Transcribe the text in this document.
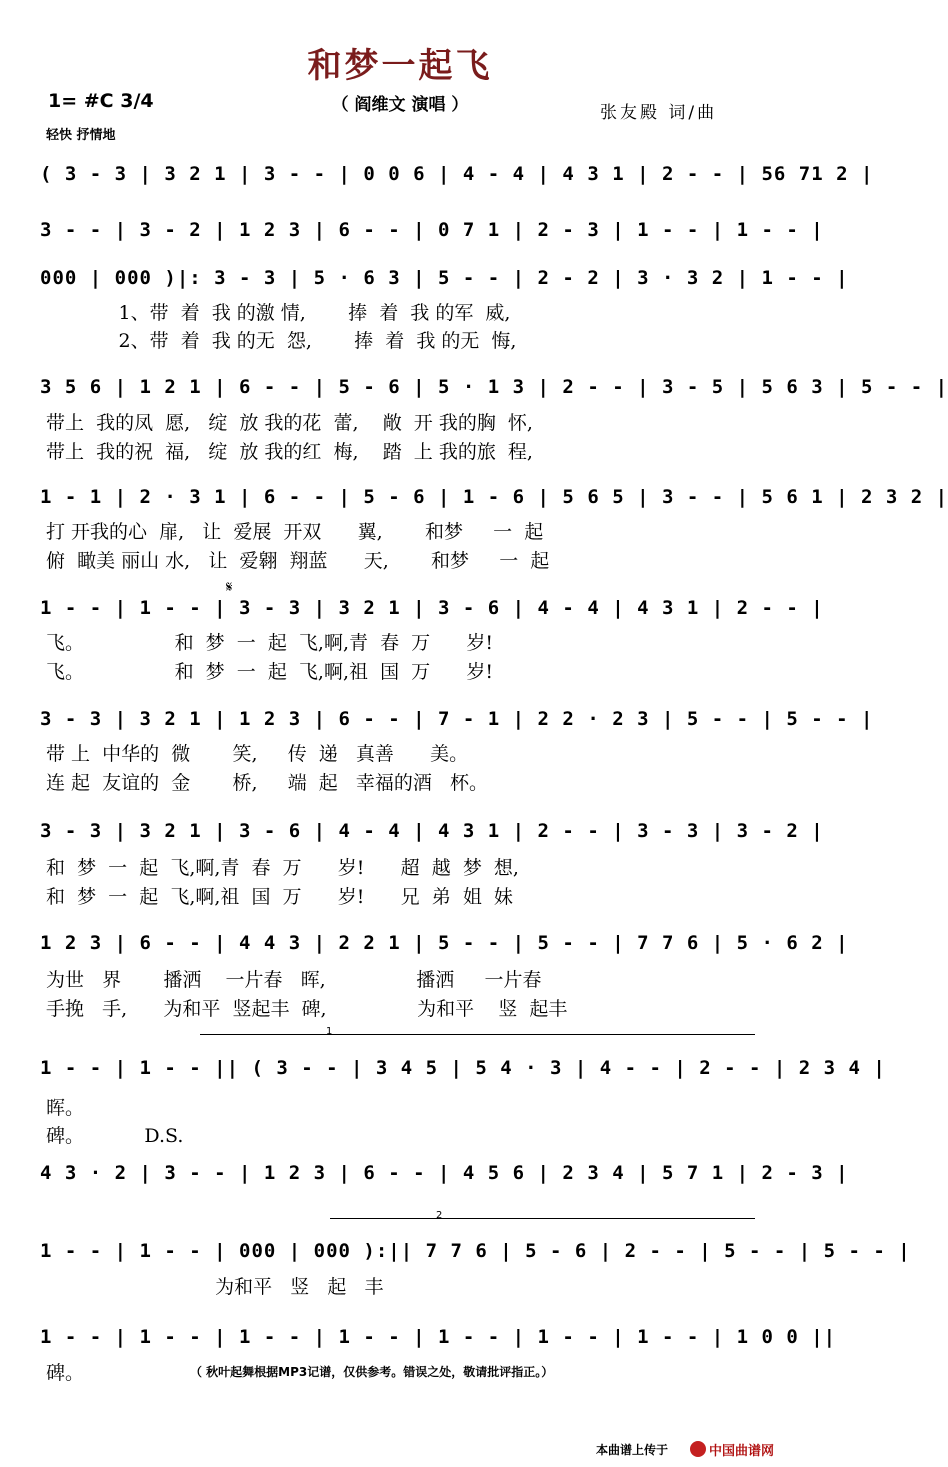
和梦一起飞
（ 阎维文 演唱 ）
1= #C 3/4
轻快 抒情地
张友殿 词/曲
( 3 - 3 | 3 2 1 | 3 - - | 0 0 6 | 4 - 4 | 4 3 1 | 2 - - | 56 71 2 |
3 - - | 3 - 2 | 1 2 3 | 6 - - | 0 7 1 | 2 - 3 | 1 - - | 1 - - |
000 | 000 )|: 3 - 3 | 5 · 6 3 | 5 - - | 2 - 2 | 3 · 3 2 | 1 - - |
1、带  着  我 的激 情,       捧  着  我 的军  威,
2、带  着  我 的无  怨,       捧  着  我 的无  悔,
3 5 6 | 1 2 1 | 6 - - | 5 - 6 | 5 · 1 3 | 2 - - | 3 - 5 | 5 6 3 | 5 - - |
带上  我的凤  愿,   绽  放 我的花  蕾,    敞  开 我的胸  怀,
带上  我的祝  福,   绽  放 我的红  梅,    踏  上 我的旅  程,
1 - 1 | 2 · 3 1 | 6 - - | 5 - 6 | 1 - 6 | 5 6 5 | 3 - - | 5 6 1 | 2 3 2 |
打 开我的心  扉,   让  爱展  开双      翼,       和梦     一  起
俯  瞰美 丽山 水,   让  爱翱  翔蓝      天,       和梦     一  起
𝄋
1 - - | 1 - - | 3 - 3 | 3 2 1 | 3 - 6 | 4 - 4 | 4 3 1 | 2 - - |
飞。               和  梦  一  起  飞,啊,青  春  万      岁!
飞。               和  梦  一  起  飞,啊,祖  国  万      岁!
3 - 3 | 3 2 1 | 1 2 3 | 6 - - | 7 - 1 | 2 2 · 2 3 | 5 - - | 5 - - |
带 上  中华的  微       笑,     传  递   真善      美。
连 起  友谊的  金       桥,     端  起   幸福的酒   杯。
3 - 3 | 3 2 1 | 3 - 6 | 4 - 4 | 4 3 1 | 2 - - | 3 - 3 | 3 - 2 |
和  梦  一  起  飞,啊,青  春  万      岁!      超  越  梦  想,
和  梦  一  起  飞,啊,祖  国  万      岁!      兄  弟  姐  妹
1 2 3 | 6 - - | 4 4 3 | 2 2 1 | 5 - - | 5 - - | 7 7 6 | 5 · 6 2 |
为世   界       播洒    一片春   晖,               播洒     一片春
手挽   手,      为和平  竖起丰  碑,               为和平    竖  起丰
1
1 - - | 1 - - || ( 3 - - | 3 4 5 | 5 4 · 3 | 4 - - | 2 - - | 2 3 4 |
晖。
碑。          D.S.
4 3 · 2 | 3 - - | 1 2 3 | 6 - - | 4 5 6 | 2 3 4 | 5 7 1 | 2 - 3 |
2
1 - - | 1 - - | 000 | 000 ):|| 7 7 6 | 5 - 6 | 2 - - | 5 - - | 5 - - |
为和平   竖   起   丰
1 - - | 1 - - | 1 - - | 1 - - | 1 - - | 1 - - | 1 - - | 1 0 0 ||
碑。	（ 秋叶起舞根据MP3记谱，仅供参考。错误之处，敬请批评指正。）
本曲谱上传于	中国曲谱网
